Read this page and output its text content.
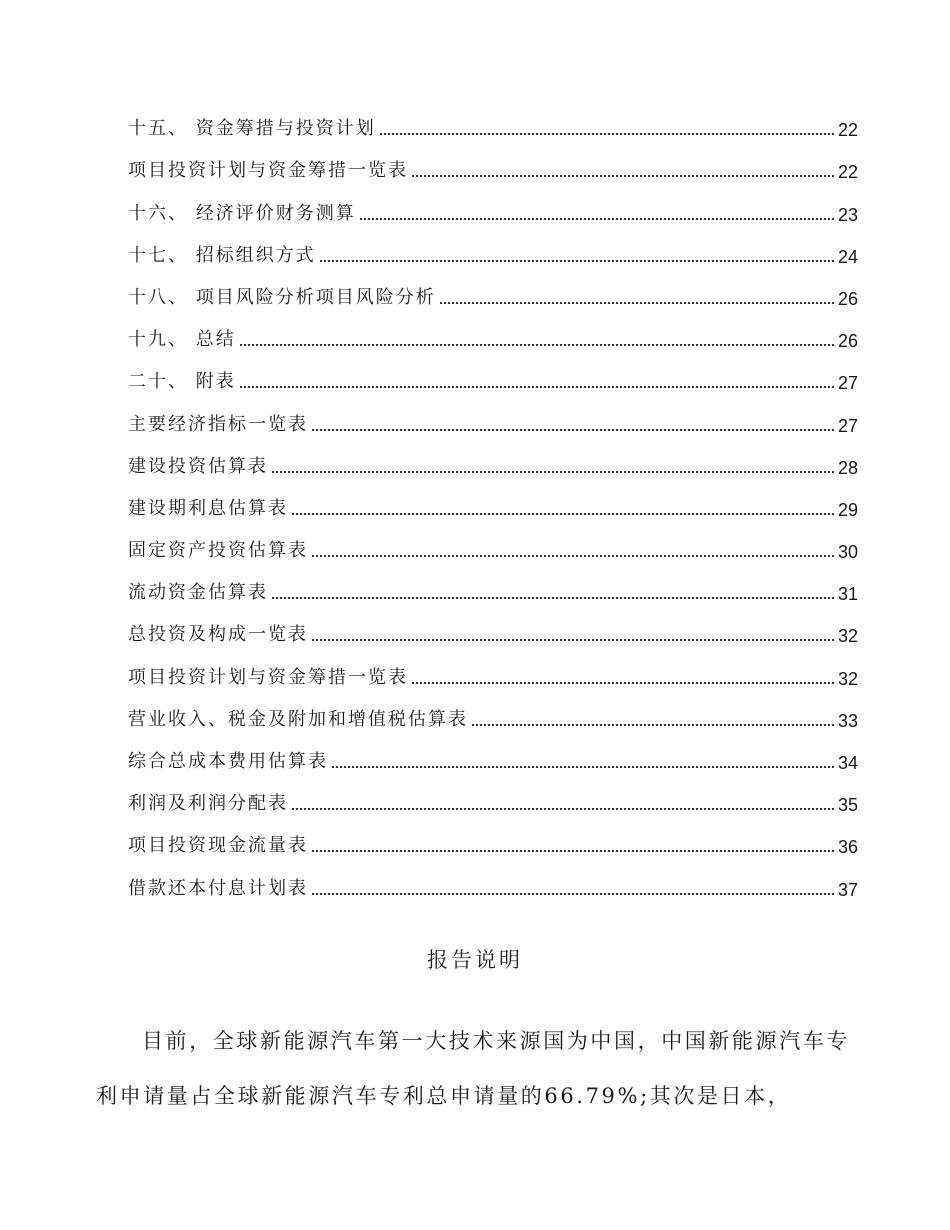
十五、 资金筹措与投资计划	22
项目投资计划与资金筹措一览表	22
十六、 经济评价财务测算	23
十七、 招标组织方式	24
十八、 项目风险分析项目风险分析	26
十九、 总结	26
二十、 附表	27
主要经济指标一览表	27
建设投资估算表	28
建设期利息估算表	29
固定资产投资估算表	30
流动资金估算表	31
总投资及构成一览表	32
项目投资计划与资金筹措一览表	32
营业收入、税金及附加和增值税估算表	33
综合总成本费用估算表	34
利润及利润分配表	35
项目投资现金流量表	36
借款还本付息计划表	37
报告说明

目前，全球新能源汽车第一大技术来源国为中国，中国新能源汽车专利申请量占全球新能源汽车专利总申请量的66.79%;其次是日本，
